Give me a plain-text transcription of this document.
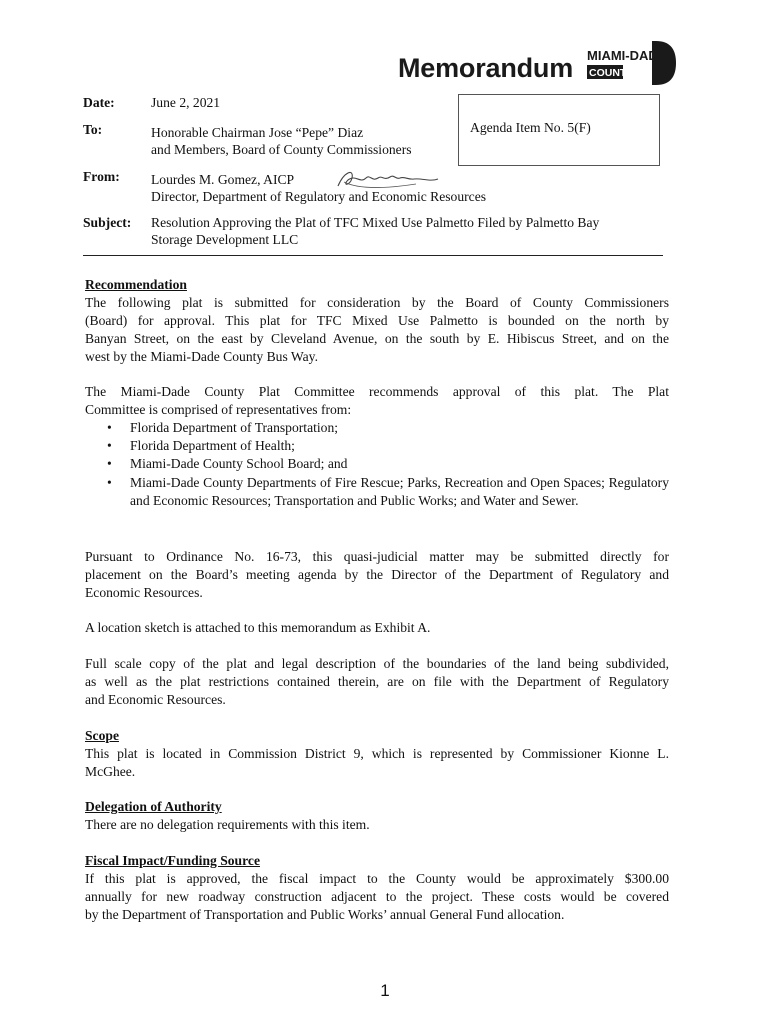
Memorandum MIAMI-DADE
COUNTY
Date:	June 2, 2021
Agenda Item No. 5(F)
To:	Honorable Chairman Jose “Pepe” Diaz
and Members, Board of County Commissioners
From: Lourdes M. Gomez, AICP
Director, Department of Regulatory and Economic Resources
Subject: Resolution Approving the Plat of TFC Mixed Use Palmetto Filed by Palmetto Bay
Storage Development LLC
Recommendation
The following plat is submitted for consideration by the Board of County Commissioners
(Board) for approval. This plat for TFC Mixed Use Palmetto is bounded on the north by
Banyan Street, on the east by Cleveland Avenue, on the south by E. Hibiscus Street, and on the
west by the Miami-Dade County Bus Way.
The Miami-Dade County Plat Committee recommends approval of this plat. The Plat
Committee is comprised of representatives from:
• Florida Department of Transportation;
• Florida Department of Health;
• Miami-Dade County School Board; and
• Miami-Dade County Departments of Fire Rescue; Parks, Recreation and Open Spaces; Regulatory and Economic Resources; Transportation and Public Works; and Water and Sewer.
Pursuant to Ordinance No. 16-73, this quasi-judicial matter may be submitted directly for
placement on the Board’s meeting agenda by the Director of the Department of Regulatory and
Economic Resources.
A location sketch is attached to this memorandum as Exhibit A.
Full scale copy of the plat and legal description of the boundaries of the land being subdivided,
as well as the plat restrictions contained therein, are on file with the Department of Regulatory
and Economic Resources.
Scope
This plat is located in Commission District 9, which is represented by Commissioner Kionne L.
McGhee.
Delegation of Authority
There are no delegation requirements with this item.
Fiscal Impact/Funding Source
If this plat is approved, the fiscal impact to the County would be approximately $300.00
annually for new roadway construction adjacent to the project. These costs would be covered
by the Department of Transportation and Public Works’ annual General Fund allocation.
1
